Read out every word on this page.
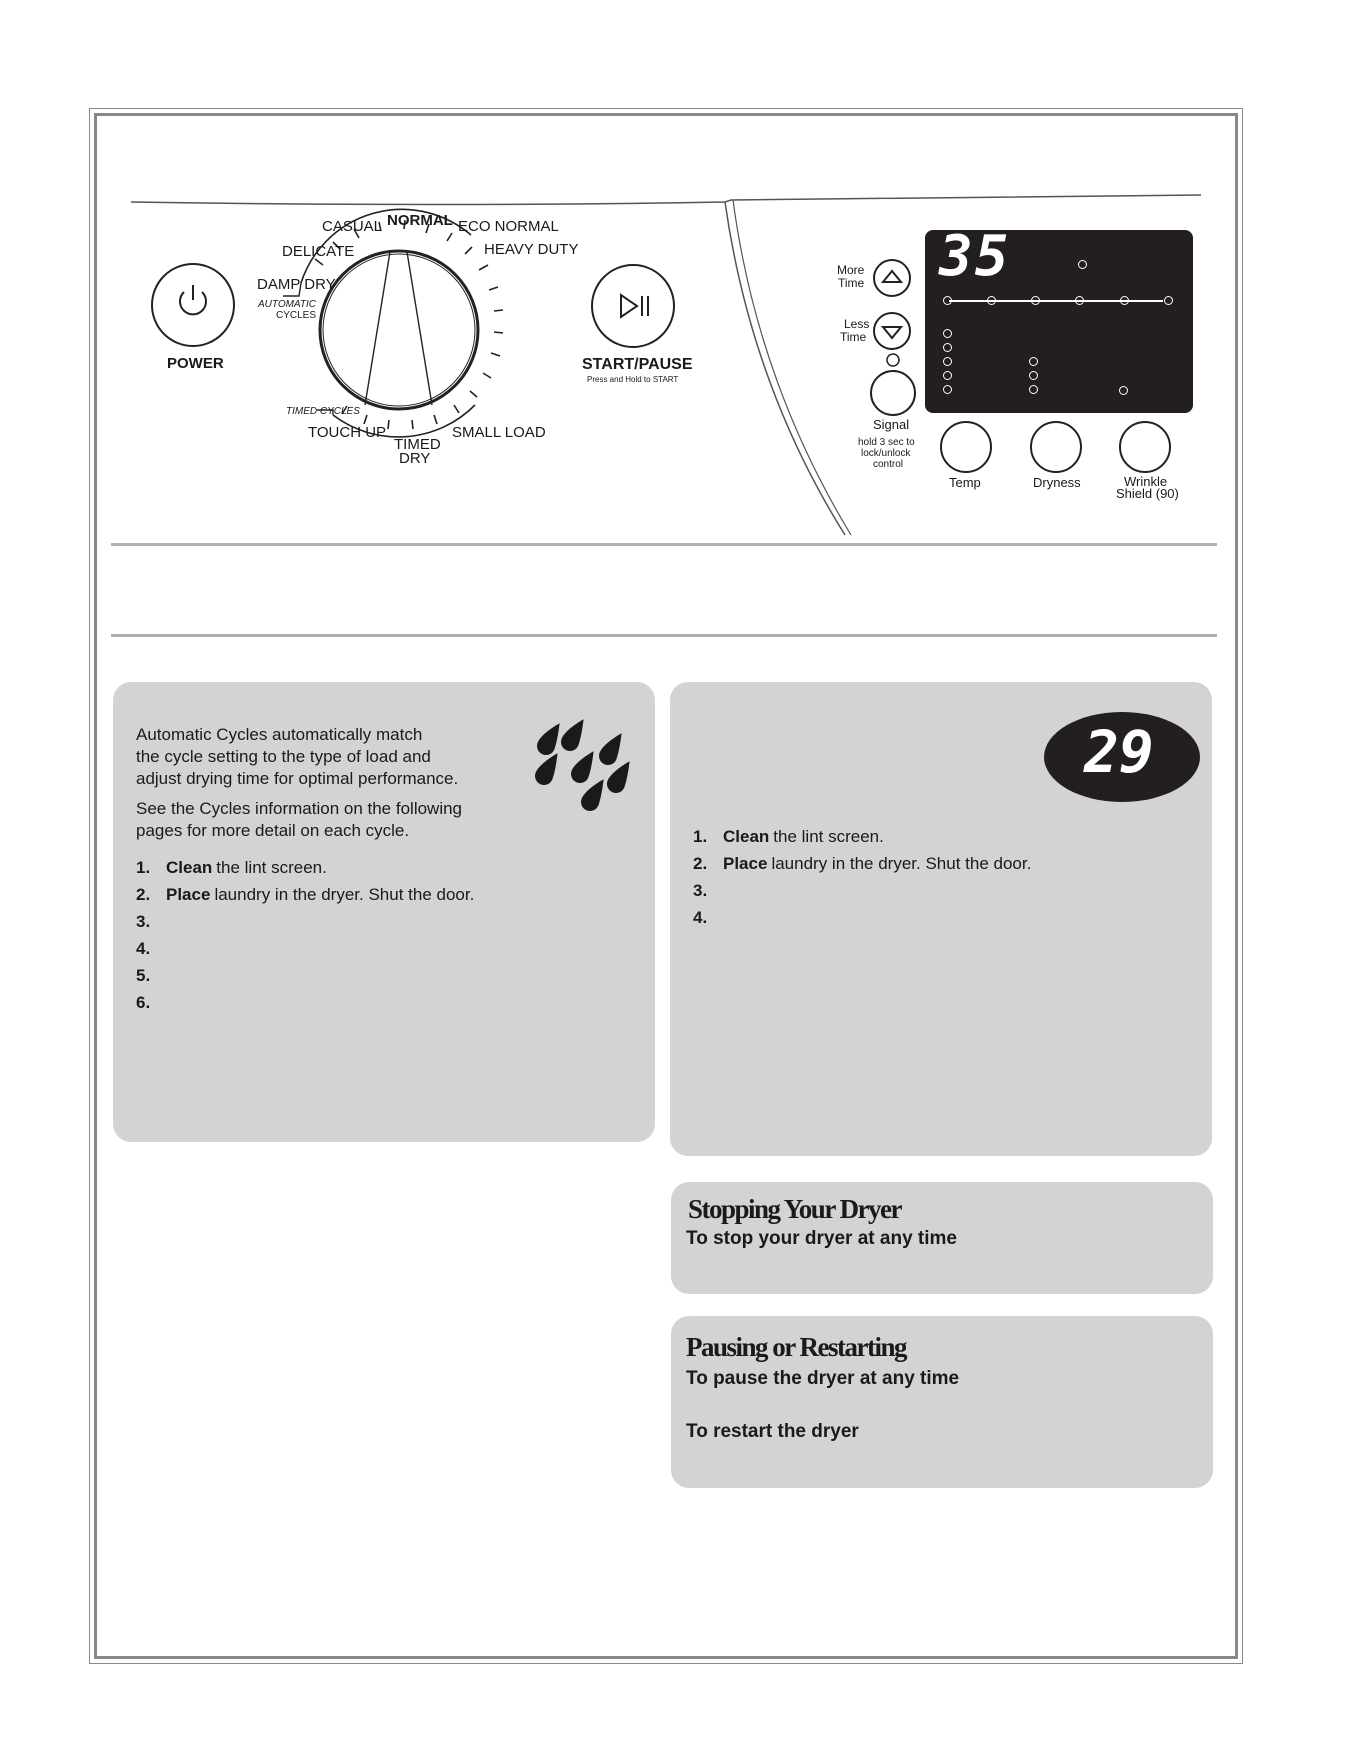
CASUAL NORMAL ECO NORMAL
HEAVY DUTY
DELICATE
DAMP DRY
AUTOMATIC
CYCLES
TIMED CYCLES
TOUCH UP
TIMED
DRY
SMALL LOAD
POWER	START/PAUSE
Press and Hold to START
More
Time
Less
Time
35
Signal
hold 3 sec to
lock/unlock
control
Temp	Dryness	Wrinkle
Shield (90)
Automatic Cycles automatically match
the cycle setting to the type of load and
adjust drying time for optimal performance.
See the Cycles information on the following
pages for more detail on each cycle.
1. Clean the lint screen.
2. Place laundry in the dryer. Shut the door.
3.
4.
5.
6.
29
1. Clean the lint screen.
2. Place laundry in the dryer. Shut the door.
3.
4.
Stopping Your Dryer
To stop your dryer at any time
Pausing or Restarting
To pause the dryer at any time
To restart the dryer
